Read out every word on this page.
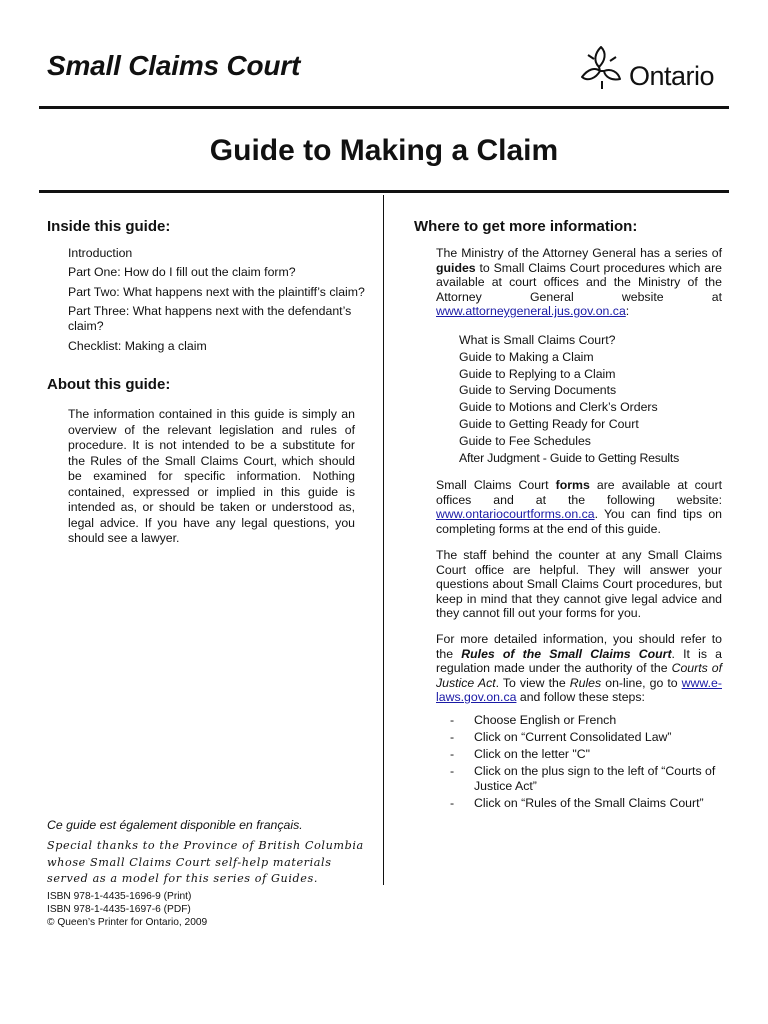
Small Claims Court	Ontario
Guide to Making a Claim
Inside this guide:
Introduction
Part One: How do I fill out the claim form?
Part Two: What happens next with the plaintiff’s claim?
Part Three: What happens next with the defendant’s claim?
Checklist: Making a claim
About this guide:
The information contained in this guide is simply an overview of the relevant legislation and rules of procedure. It is not intended to be a substitute for the Rules of the Small Claims Court, which should be examined for specific information. Nothing contained, expressed or implied in this guide is intended as, or should be taken or understood as, legal advice. If you have any legal questions, you should see a lawyer.
Ce guide est également disponible en français.
Special thanks to the Province of British Columbia whose Small Claims Court self-help materials served as a model for this series of Guides.
ISBN 978-1-4435-1696-9 (Print)
ISBN 978-1-4435-1697-6 (PDF)
© Queen’s Printer for Ontario, 2009
Where to get more information:
The Ministry of the Attorney General has a series of guides to Small Claims Court procedures which are available at court offices and the Ministry of the Attorney General website at www.attorneygeneral.jus.gov.on.ca:
What is Small Claims Court?
Guide to Making a Claim
Guide to Replying to a Claim
Guide to Serving Documents
Guide to Motions and Clerk’s Orders
Guide to Getting Ready for Court
Guide to Fee Schedules
After Judgment - Guide to Getting Results
Small Claims Court forms are available at court offices and at the following website: www.ontariocourtforms.on.ca. You can find tips on completing forms at the end of this guide.
The staff behind the counter at any Small Claims Court office are helpful. They will answer your questions about Small Claims Court procedures, but keep in mind that they cannot give legal advice and they cannot fill out your forms for you.
For more detailed information, you should refer to the Rules of the Small Claims Court. It is a regulation made under the authority of the Courts of Justice Act. To view the Rules on-line, go to www.e-laws.gov.on.ca and follow these steps:
-	Choose English or French
-	Click on “Current Consolidated Law”
-	Click on the letter "C"
-	Click on the plus sign to the left of “Courts of Justice Act”
-	Click on “Rules of the Small Claims Court”
